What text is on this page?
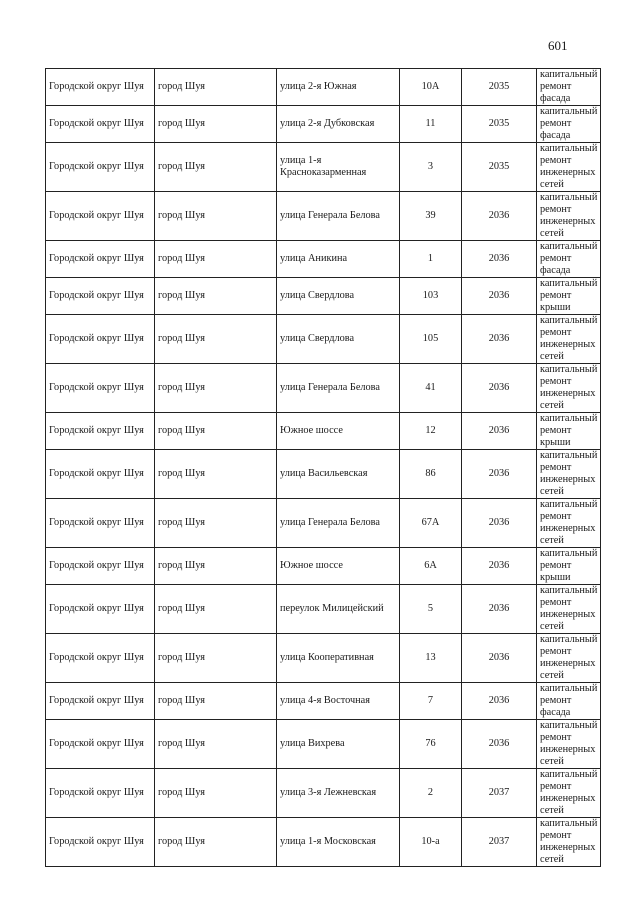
601
Городской округ Шуя	город Шуя	улица 2-я Южная	10А	2035	капитальный ремонт фасада
Городской округ Шуя	город Шуя	улица 2-я Дубковская	11	2035	капитальный ремонт фасада
Городской округ Шуя	город Шуя	улица 1-я Красноказарменная	3	2035	капитальный ремонт инженерных сетей
Городской округ Шуя	город Шуя	улица Генерала Белова	39	2036	капитальный ремонт инженерных сетей
Городской округ Шуя	город Шуя	улица Аникина	1	2036	капитальный ремонт фасада
Городской округ Шуя	город Шуя	улица Свердлова	103	2036	капитальный ремонт крыши
Городской округ Шуя	город Шуя	улица Свердлова	105	2036	капитальный ремонт инженерных сетей
Городской округ Шуя	город Шуя	улица Генерала Белова	41	2036	капитальный ремонт инженерных сетей
Городской округ Шуя	город Шуя	Южное шоссе	12	2036	капитальный ремонт крыши
Городской округ Шуя	город Шуя	улица Васильевская	86	2036	капитальный ремонт инженерных сетей
Городской округ Шуя	город Шуя	улица Генерала Белова	67А	2036	капитальный ремонт инженерных сетей
Городской округ Шуя	город Шуя	Южное шоссе	6А	2036	капитальный ремонт крыши
Городской округ Шуя	город Шуя	переулок Милицейский	5	2036	капитальный ремонт инженерных сетей
Городской округ Шуя	город Шуя	улица Кооперативная	13	2036	капитальный ремонт инженерных сетей
Городской округ Шуя	город Шуя	улица 4-я Восточная	7	2036	капитальный ремонт фасада
Городской округ Шуя	город Шуя	улица Вихрева	76	2036	капитальный ремонт инженерных сетей
Городской округ Шуя	город Шуя	улица 3-я Лежневская	2	2037	капитальный ремонт инженерных сетей
Городской округ Шуя	город Шуя	улица 1-я Московская	10-а	2037	капитальный ремонт инженерных сетей
